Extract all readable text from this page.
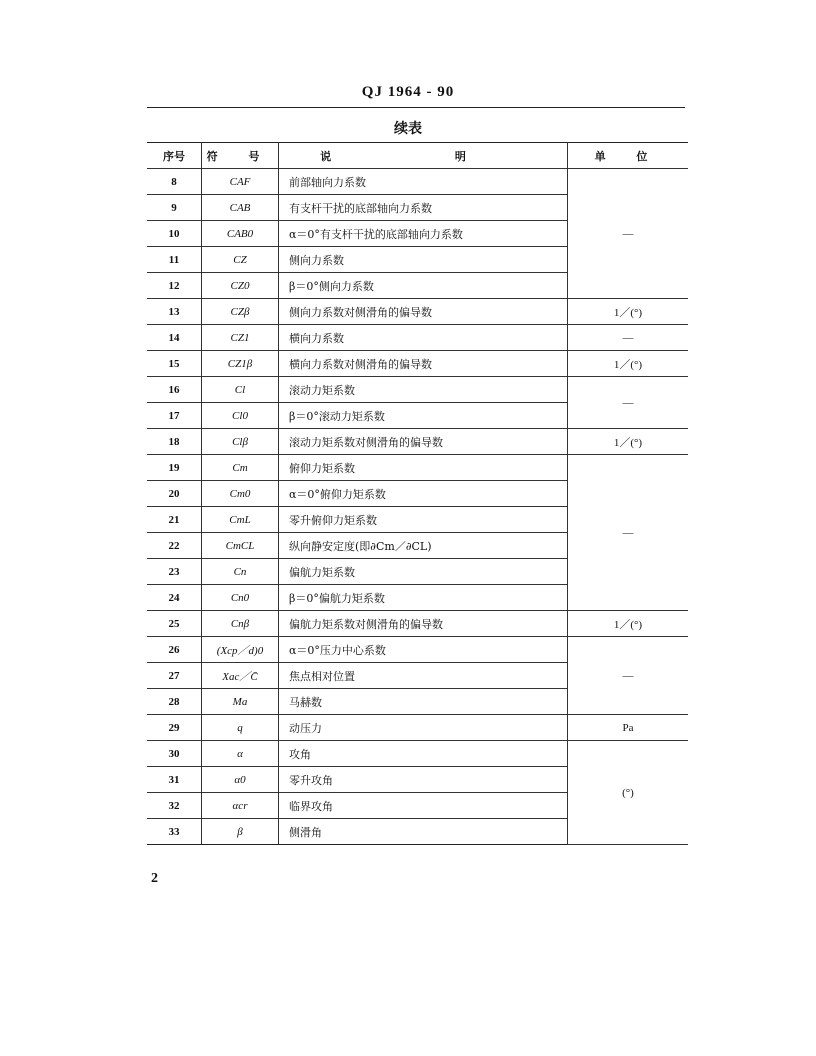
QJ 1964 - 90
续表
序号	符 号	说 明	单 位
8	CAF	前部轴向力系数	—
9	CAB	有支杆干扰的底部轴向力系数	
10	CAB0	α＝0°有支杆干扰的底部轴向力系数	
11	CZ	侧向力系数	
12	CZ0	β＝0°侧向力系数	
13	CZβ	侧向力系数对侧滑角的偏导数	1／(°)
14	CZ1	横向力系数	—
15	CZ1β	横向力系数对侧滑角的偏导数	1／(°)
16	Cl	滚动力矩系数	—
17	Cl0	β＝0°滚动力矩系数	
18	Clβ	滚动力矩系数对侧滑角的偏导数	1／(°)
19	Cm	俯仰力矩系数	—
20	Cm0	α＝0°俯仰力矩系数	
21	CmL	零升俯仰力矩系数	
22	CmCL	纵向静安定度(即∂Cm／∂CL)	
23	Cn	偏航力矩系数	
24	Cn0	β＝0°偏航力矩系数	
25	Cnβ	偏航力矩系数对侧滑角的偏导数	1／(°)
26	(Xcp／d)0	α＝0°压力中心系数	—
27	Xac／C̄	焦点相对位置	
28	Ma	马赫数	
29	q	动压力	Pa
30	α	攻角	(°)
31	α0	零升攻角	
32	αcr	临界攻角	
33	β	侧滑角	
2
